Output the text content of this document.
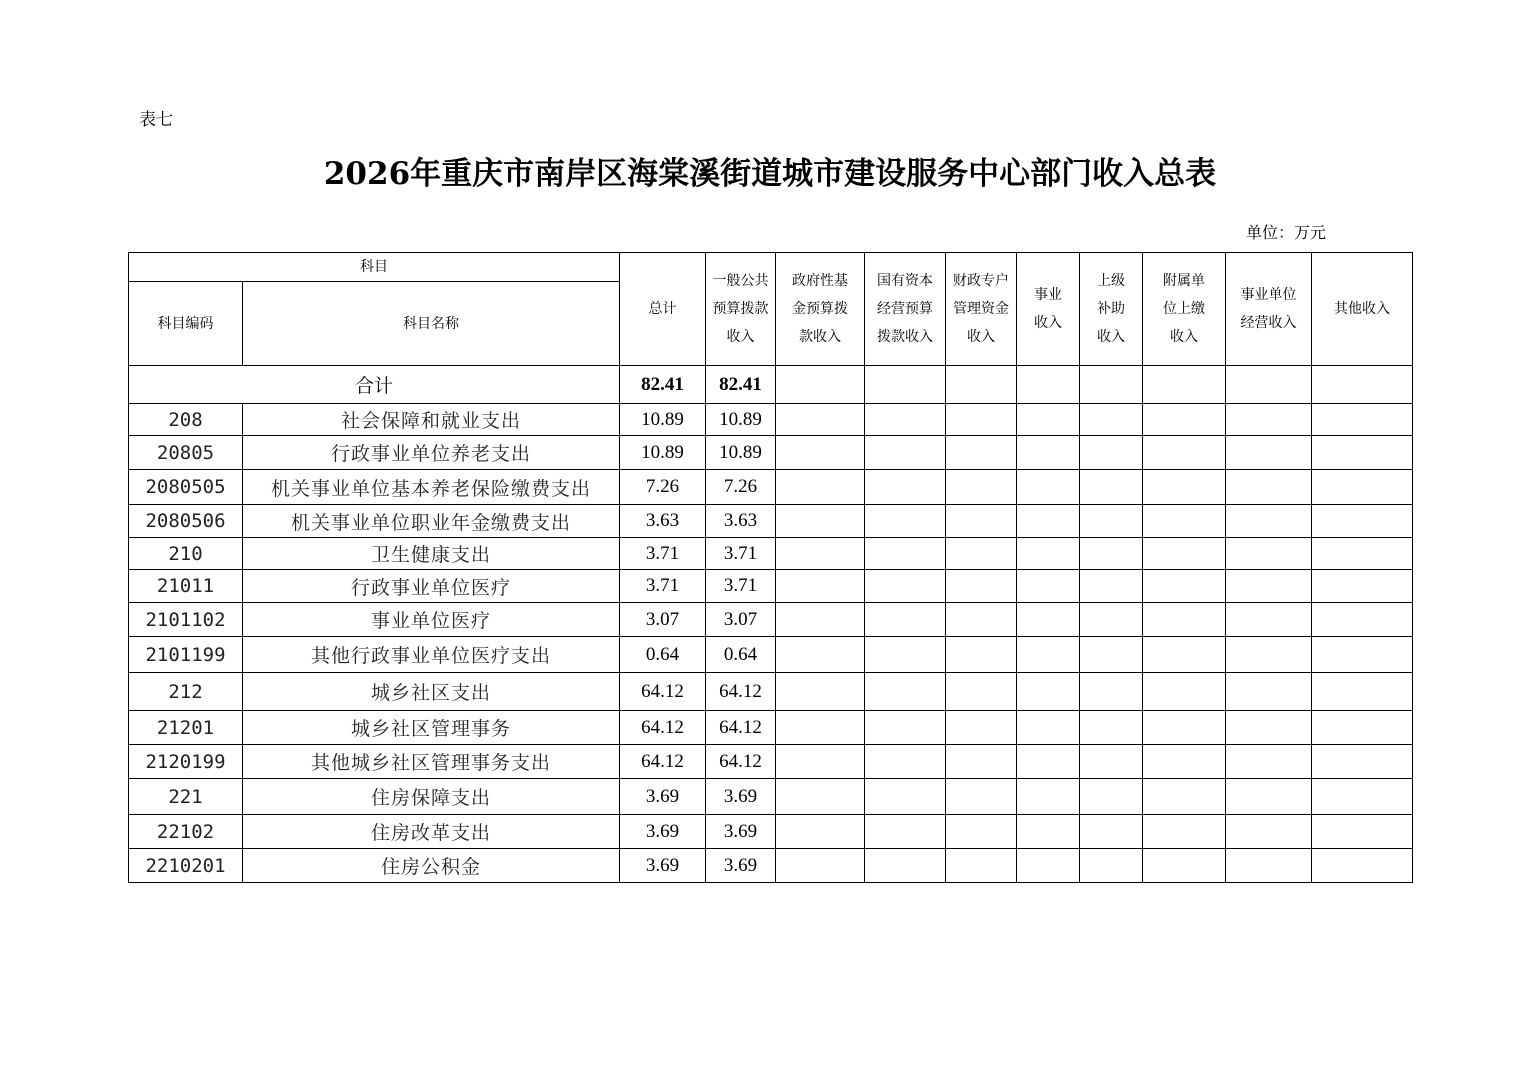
表七
2026年重庆市南岸区海棠溪街道城市建设服务中心部门收入总表
单位：万元
科目		总计	一般公共预算拨款收入	政府性基金预算拨款收入	国有资本经营预算拨款收入	财政专户管理资金收入	事业收入	上级补助收入	附属单位上缴收入	事业单位经营收入	其他收入
科目编码	科目名称										
合计		82.41	82.41								
208	社会保障和就业支出	10.89	10.89								
20805	行政事业单位养老支出	10.89	10.89								
2080505	机关事业单位基本养老保险缴费支出	7.26	7.26								
2080506	机关事业单位职业年金缴费支出	3.63	3.63								
210	卫生健康支出	3.71	3.71								
21011	行政事业单位医疗	3.71	3.71								
2101102	事业单位医疗	3.07	3.07								
2101199	其他行政事业单位医疗支出	0.64	0.64								
212	城乡社区支出	64.12	64.12								
21201	城乡社区管理事务	64.12	64.12								
2120199	其他城乡社区管理事务支出	64.12	64.12								
221	住房保障支出	3.69	3.69								
22102	住房改革支出	3.69	3.69								
2210201	住房公积金	3.69	3.69								
